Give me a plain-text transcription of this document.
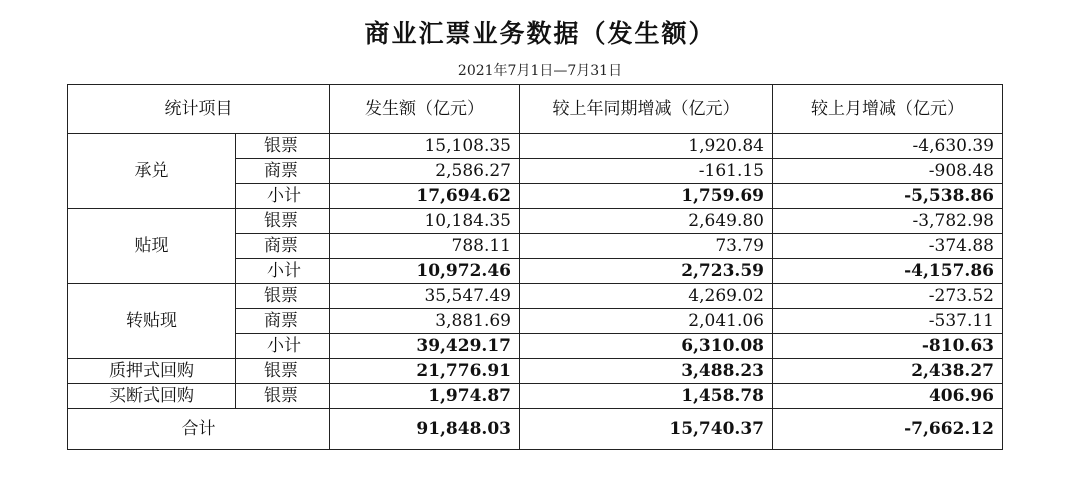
商业汇票业务数据（发生额）
2021年7月1日—7月31日
统计项目		发生额（亿元）	较上年同期增减（亿元）	较上月增减（亿元）
承兑	银票	15,108.35	1,920.84	-4,630.39
	商票	2,586.27	-161.15	-908.48
	小计	17,694.62	1,759.69	-5,538.86
贴现	银票	10,184.35	2,649.80	-3,782.98
	商票	788.11	73.79	-374.88
	小计	10,972.46	2,723.59	-4,157.86
转贴现	银票	35,547.49	4,269.02	-273.52
	商票	3,881.69	2,041.06	-537.11
	小计	39,429.17	6,310.08	-810.63
质押式回购	银票	21,776.91	3,488.23	2,438.27
买断式回购	银票	1,974.87	1,458.78	406.96
合计		91,848.03	15,740.37	-7,662.12
